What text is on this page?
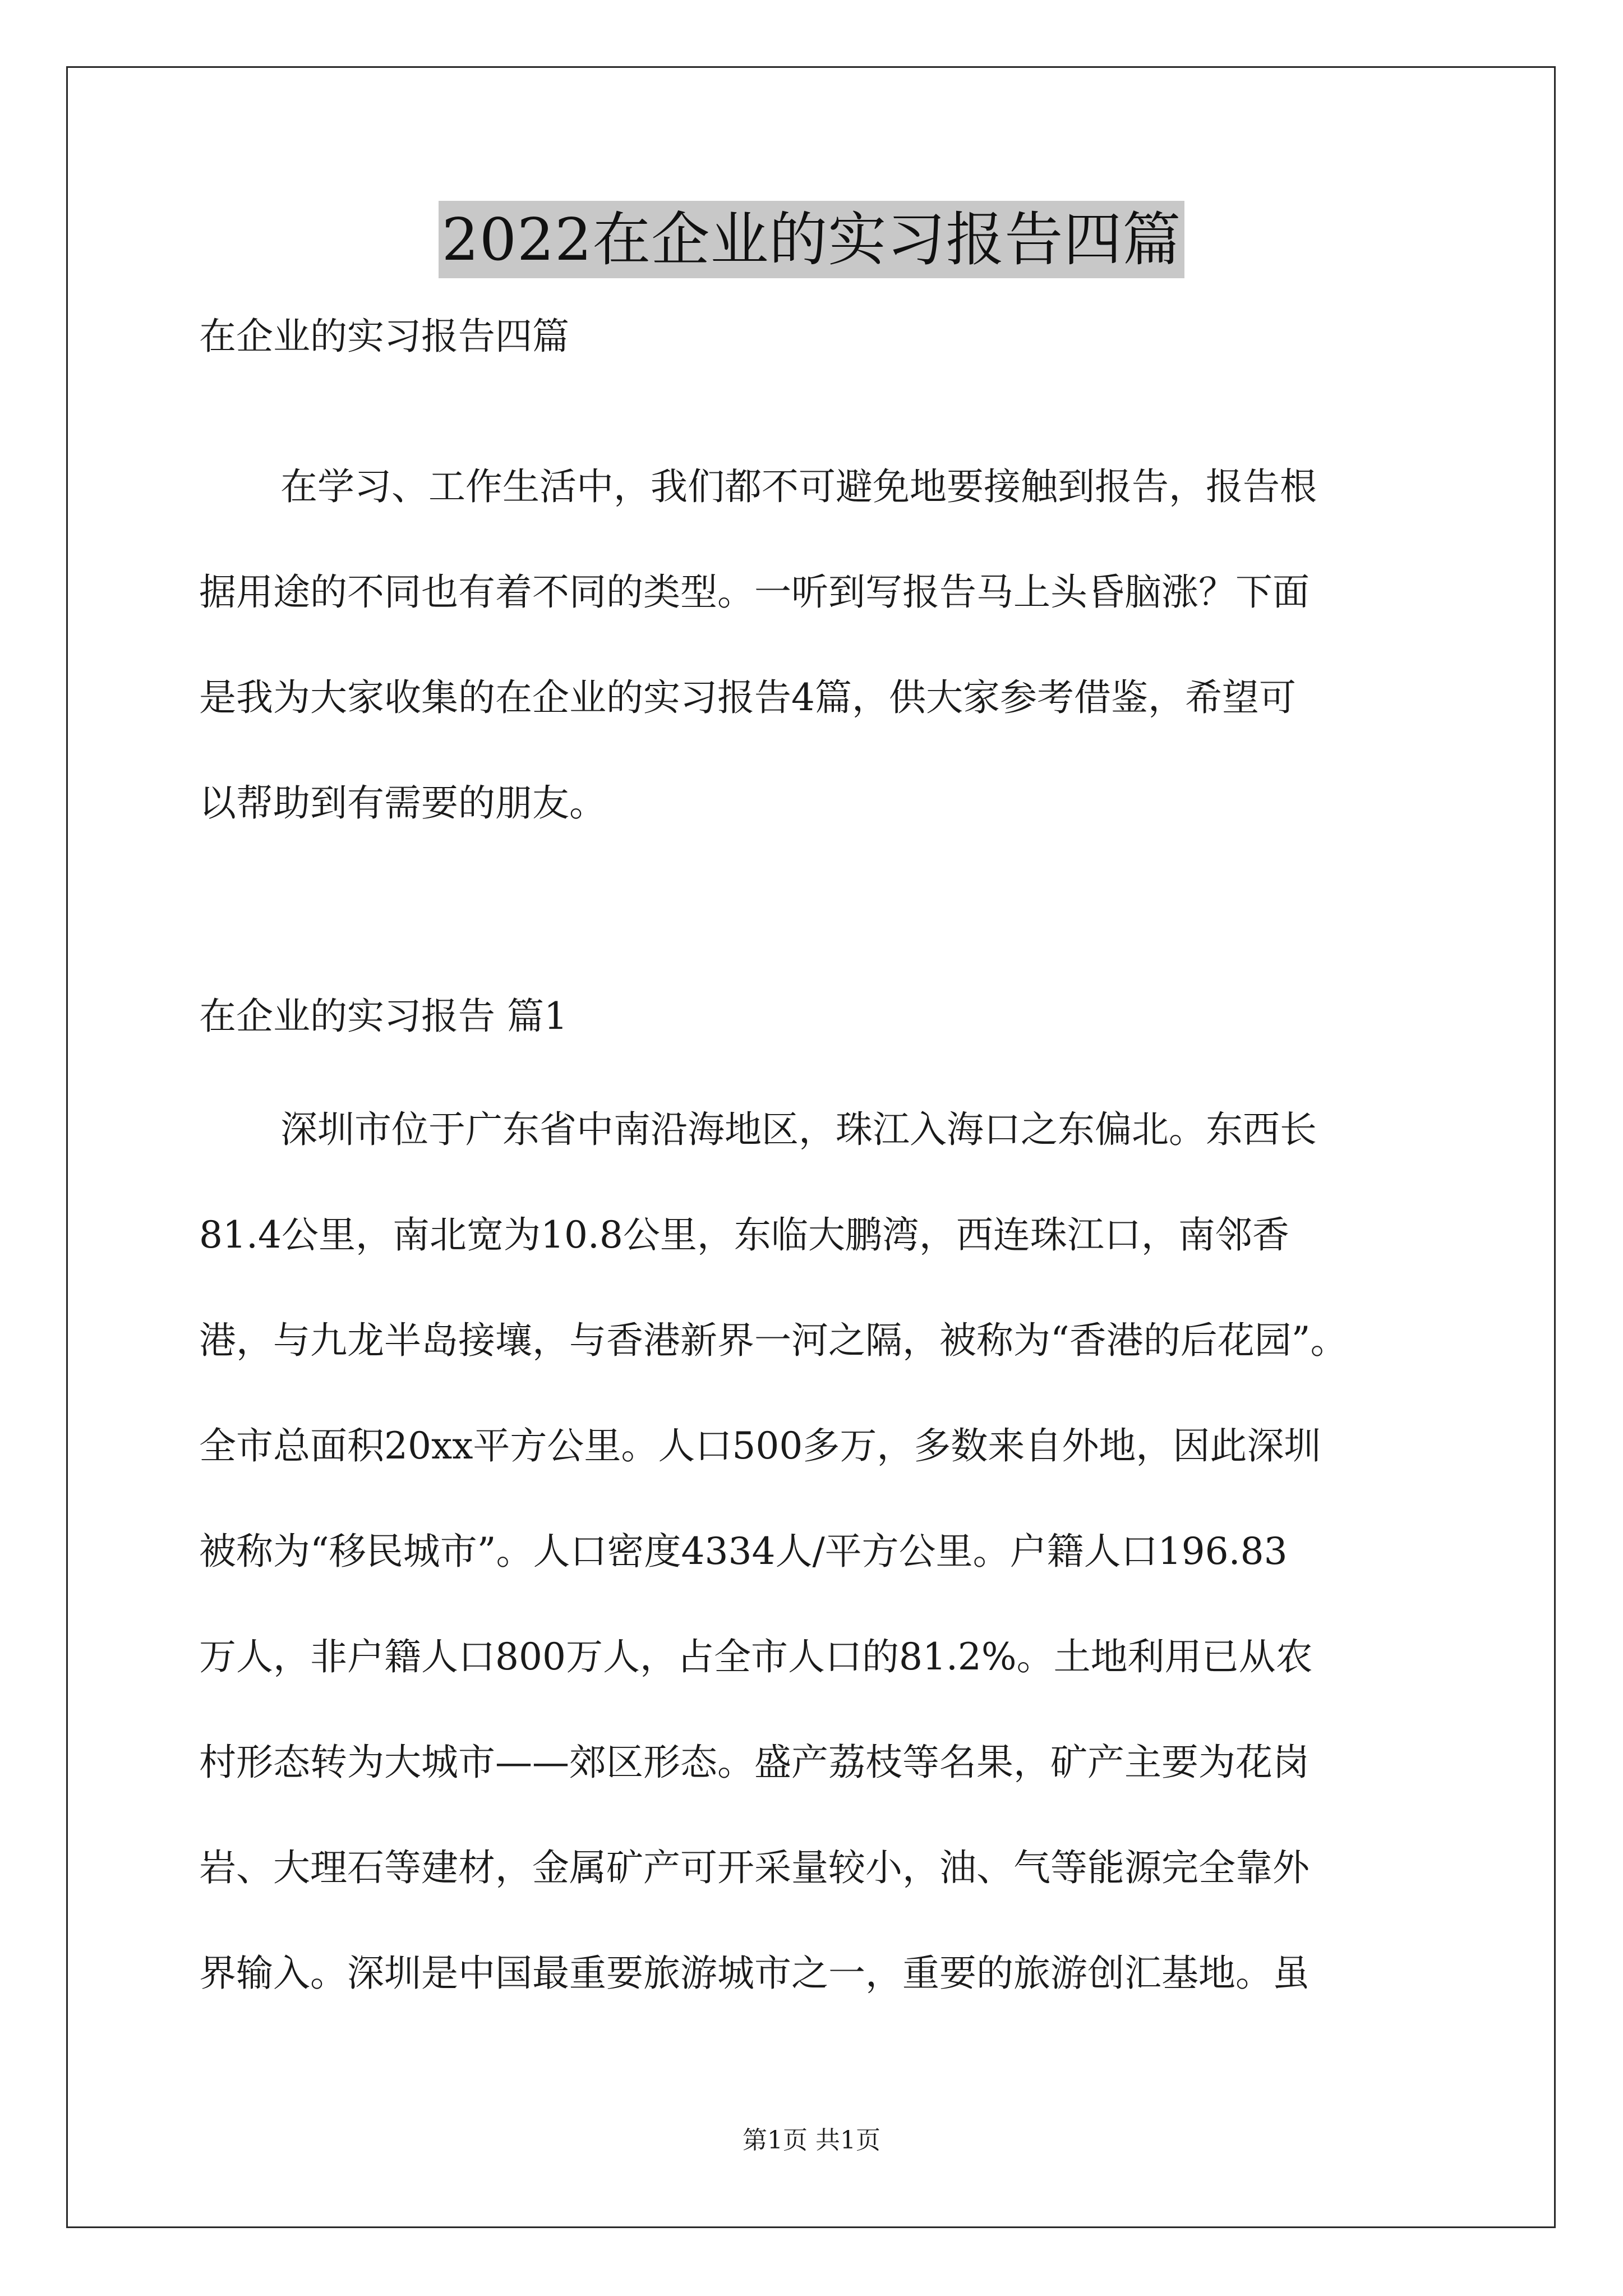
2022在企业的实习报告四篇
在企业的实习报告四篇
在学习、工作生活中，我们都不可避免地要接触到报告，报告根
据用途的不同也有着不同的类型。一听到写报告马上头昏脑涨？下面
是我为大家收集的在企业的实习报告4篇，供大家参考借鉴，希望可
以帮助到有需要的朋友。
在企业的实习报告 篇1
深圳市位于广东省中南沿海地区，珠江入海口之东偏北。东西长
81.4公里，南北宽为10.8公里，东临大鹏湾，西连珠江口，南邻香
港，与九龙半岛接壤，与香港新界一河之隔，被称为“香港的后花园”。
全市总面积20xx平方公里。人口500多万，多数来自外地，因此深圳
被称为“移民城市”。人口密度4334人/平方公里。户籍人口196.83
万人，非户籍人口800万人，占全市人口的81.2%。土地利用已从农
村形态转为大城市——郊区形态。盛产荔枝等名果，矿产主要为花岗
岩、大理石等建材，金属矿产可开采量较小，油、气等能源完全靠外
界输入。深圳是中国最重要旅游城市之一，重要的旅游创汇基地。虽
第1页 共1页
